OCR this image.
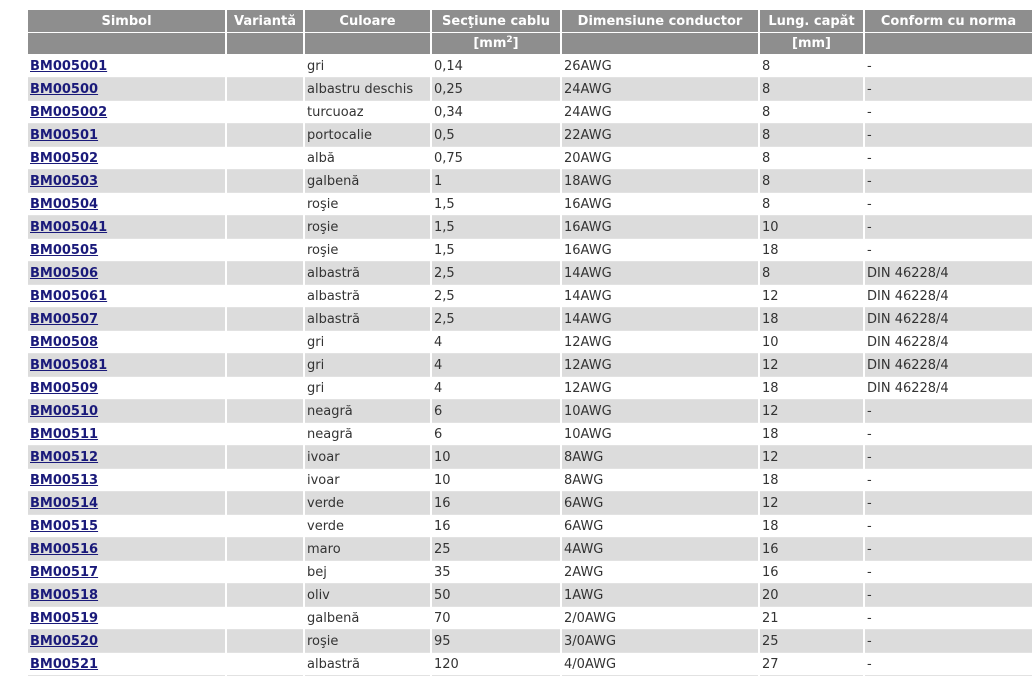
Simbol	Variantă	Culoare	Secţiune cablu	Dimensiune conductor	Lung. capăt	Conform cu norma
			$[mm^2]$		[mm]	
BM005001		gri	0,14	26AWG	8	-
BM00500		albastru deschis	0,25	24AWG	8	-
BM005002		turcuoaz	0,34	24AWG	8	-
BM00501		portocalie	0,5	22AWG	8	-
BM00502		albă	0,75	20AWG	8	-
BM00503		galbenă	1	18AWG	8	-
BM00504		roşie	1,5	16AWG	8	-
BM005041		roşie	1,5	16AWG	10	-
BM00505		roşie	1,5	16AWG	18	-
BM00506		albastră	2,5	14AWG	8	DIN 46228/4
BM005061		albastră	2,5	14AWG	12	DIN 46228/4
BM00507		albastră	2,5	14AWG	18	DIN 46228/4
BM00508		gri	4	12AWG	10	DIN 46228/4
BM005081		gri	4	12AWG	12	DIN 46228/4
BM00509		gri	4	12AWG	18	DIN 46228/4
BM00510		neagră	6	10AWG	12	-
BM00511		neagră	6	10AWG	18	-
BM00512		ivoar	10	8AWG	12	-
BM00513		ivoar	10	8AWG	18	-
BM00514		verde	16	6AWG	12	-
BM00515		verde	16	6AWG	18	-
BM00516		maro	25	4AWG	16	-
BM00517		bej	35	2AWG	16	-
BM00518		oliv	50	1AWG	20	-
BM00519		galbenă	70	2/0AWG	21	-
BM00520		roşie	95	3/0AWG	25	-
BM00521		albastră	120	4/0AWG	27	-
